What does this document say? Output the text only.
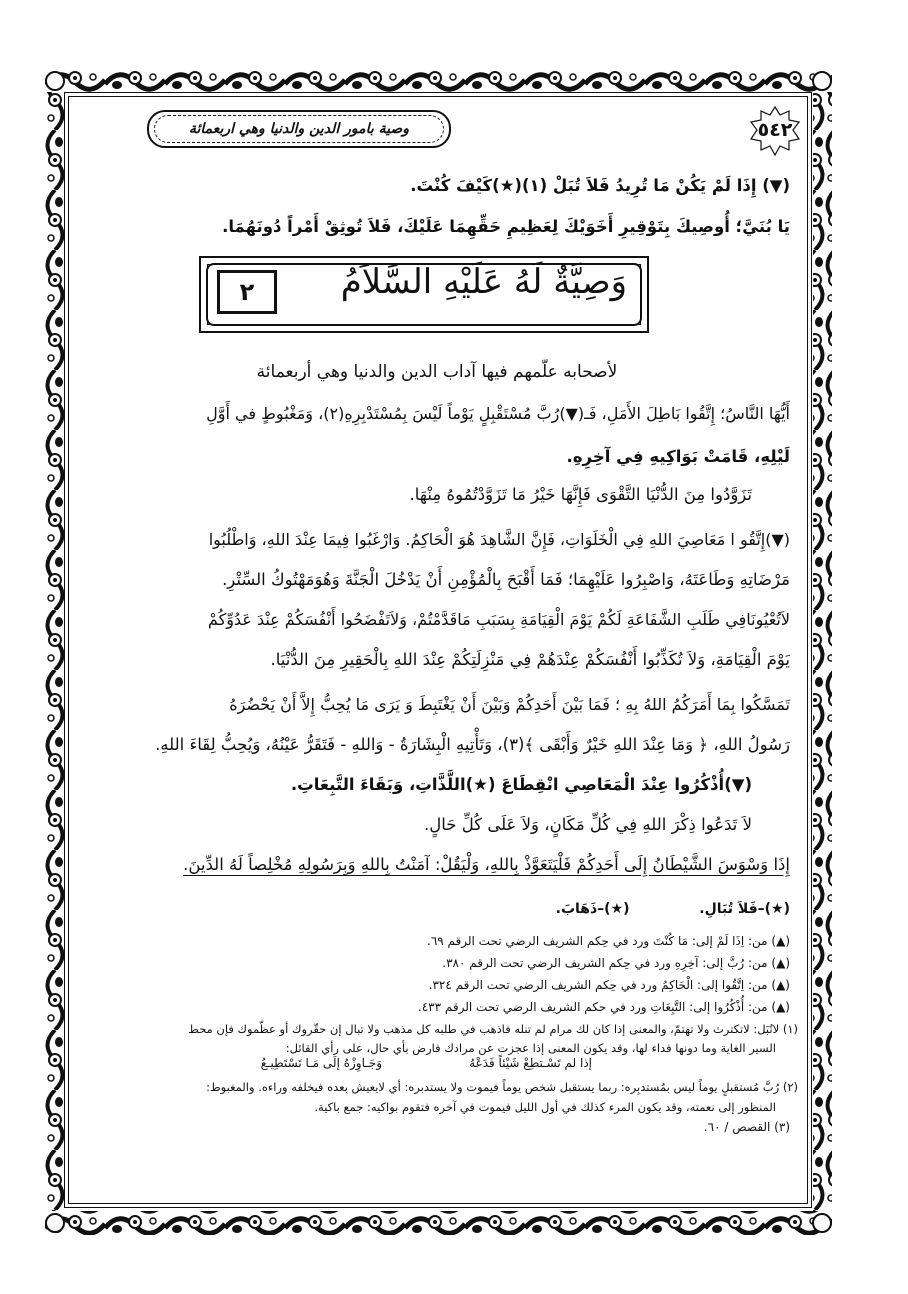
٥٤٢
وصية بامور الدين والدنيا وهي اربعمائة
(▼) إِذَا لَمْ يَكُنْ مَا تُرِيدُ فَلاَ تُبَلْ (١)(★)كَيْفَ كُنْتَ.
يَا بُنَيَّ؛ أُوصِيكَ بِتَوْقِيرِ أَخَوَيْكَ لِعَظِيمِ حَقِّهِمَا عَلَيْكَ، فَلاَ تُوثِقْ أَمْراً دُونَهُمَا.
وَصِيَّةٌ لَهُ عَلَيْهِ السَّلاَمُ
٢
لأصحابه علّمهم فيها آداب الدين والدنيا وهي أربعمائة
أَيُّهَا النَّاسُ؛ إِتَّقُوا بَاطِلَ الأَمَلِ، فَـ(▼)رُبَّ مُسْتَقْبِلٍ يَوْماً لَيْسَ بِمُسْتَدْبِرِهِ(٢)، وَمَغْبُوطٍ في أَوَّلِ
لَيْلِهِ، قَامَتْ بَوَاكِيهِ فِي آخِرِهِ.
تَزَوَّدُوا مِنَ الدُّنْيَا التَّقْوَى فَإِنَّهَا خَيْرُ مَا تَزَوَّدْتُمُوهُ مِنْهَا.
(▼)إِتَّقُو ا مَعَاصِيَ اللهِ فِي الْخَلَوَاتِ، فَإِنَّ الشَّاهِدَ هُوَ الْحَاكِمُ. وَارْغَبُوا فِيمَا عِنْدَ اللهِ، وَاطْلُبُوا
مَرْضَاتِهِ وَطَاعَتَهُ، وَاصْبِرُوا عَلَيْهِمَا؛ فَمَا أَقْبَحَ بِالْمُؤْمِنِ أَنْ يَدْخُلَ الْجَنَّةَ وَهُوَمَهْتُوكُ السِّتْرِ.
لاَتُعْيُونَافِي طَلَبِ الشَّفَاعَةِ لَكُمْ يَوْمَ الْقِيَامَةِ بِسَبَبِ مَاقَدَّمْتُمْ، وَلاَتَفْضَحُوا أَنْفُسَكُمْ عِنْدَ عَدُوِّكُمْ
يَوْمَ الْقِيَامَةِ، وَلاَ تُكَذِّبُوا أَنْفُسَكُمْ عِنْدَهُمْ فِي مَنْزِلَتِكُمْ عِنْدَ اللهِ بِالْحَقِيرِ مِنَ الدُّنْيَا.
تَمَسَّكُوا بِمَا أَمَرَكُمُ اللهُ بِهِ ؛ فَمَا بَيْنَ أَحَدِكُمْ وَبَيْنَ أَنْ يَغْتَبِطَ وَ يَرَى مَا يُحِبُّ إِلاَّ أَنْ يَحْضُرَهُ
رَسُولُ اللهِ، ﴿ وَمَا عِنْدَ اللهِ خَيْرٌ وَأَبْقَى ﴾(٣)، وَتَأْتِيهِ الْبِشَارَةُ - وَاللهِ - فَتَقَرُّ عَيْنُهُ، وَيُحِبُّ لِقَاءَ اللهِ.
(▼)أُذْكُرُوا عِنْدَ الْمَعَاصِي انْقِطَاعَ (★)اللَّذَّاتِ، وَبَقَاءَ التَّبِعَاتِ.
لاَ تَدَعُوا ذِكْرَ اللهِ فِي كُلِّ مَكَانٍ، وَلاَ عَلَى كُلِّ حَالٍ.
إِذَا وَسْوَسَ الشَّيْطَانُ إِلَى أَحَدِكُمْ فَلْيَتَعَوَّذْ بِاللهِ، وَلْيَقُلْ: آمَنْتُ بِاللهِ وَبِرَسُولِهِ مُخْلِصاً لَهُ الدِّينَ.
(★)–فَلاَ تُبَالِ.  (★)–ذَهَابَ.
(▲) من: اِذَا لَمْ إلى: مَا كُنْتَ ورد في حِكم الشريف الرضي تحت الرقم ٦٩.
(▲) من: رُبَّ إلى: آخِرِهِ ورد في حِكم الشريف الرضي تحت الرقم ٣٨٠.
(▲) من: اِتَّقُوا إلى: الْحَاكِمُ ورد في حِكم الشريف الرضي تحت الرقم ٣٢٤.
(▲) من: أُذْكُرُوا إلى: التَّبِعَاتِ ورد في حكم الشريف الرضي تحت الرقم ٤٣٣.
(١) لاتُبَل: لاتكترث ولا تهتمّ، والمعنى إذا كان لك مرام لم تنله فاذهب في طلبه كل مذهب ولا تبال إن حقّروك أو عظّموك فإن محط
السير الغاية وما دونها فداء لها، وقد يكون المعنى إذا عجزت عن مرادك فارض بأي حال، على رأي القائل:
إذا لم تَسْـتطِعْ شَيْئاً فَدَعْهُ
وَجَـاوِزْهُ إلَى مَـا تَسْتَطِيـعُ
(٢) رُبَّ مُستقبلٍ يوماً ليس بمُستدبِره: ربما يستقبل شخص يوماً فيموت ولا يستدبره: أي لايعيش بعده فيخلفه وراءه. والمغبوط:
المنظور إلى نعمته، وقد يكون المرء كذلك في أول الليل فيموت في آخره فتقوم بواكيه: جمع باكية.
(٣) القصص / ٦٠.
